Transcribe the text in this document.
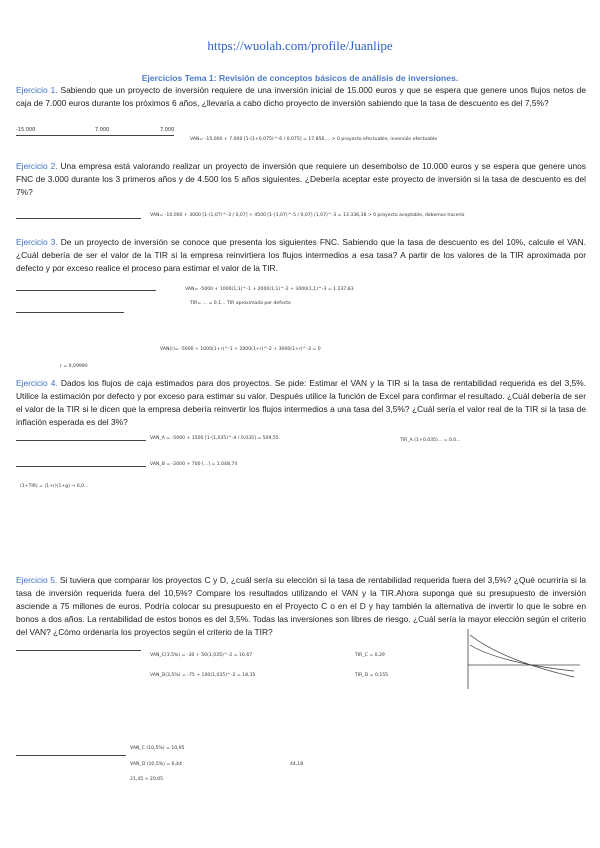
https://wuolah.com/profile/Juanlipe
Ejercicios Tema 1: Revisión de conceptos básicos de análisis de inversiones.
Ejercicio 1. Sabiendo que un proyecto de inversión requiere de una inversión inicial de 15.000 euros y que se espera que genere unos flujos netos de caja de 7.000 euros durante los próximos 6 años, ¿llevaría a cabo dicho proyecto de inversión sabiendo que la tasa de descuento es del 7,5%?
-15.000	7.000	7.000
VAN= -15.000 + 7.000 [1-(1+0,075)^-6 / 0,075] = 17.856,... > 0 proyecto efectuable, inversión efectuable
Ejercicio 2. Una empresa está valorando realizar un proyecto de inversión que requiere un desembolso de 10.000 euros y se espera que genere unos FNC de 3.000 durante los 3 primeros años y de 4.500 los 5 años siguientes. ¿Debería aceptar este proyecto de inversión si la tasa de descuento es del 7%?
VAN= -10.000 + 3000 [1-(1,07)^-3 / 0,07] + 4500 [1-(1,07)^-5 / 0,07] (1,07)^-3 = 13.336,38 > 0 proyecto aceptable, debemos hacerlo
Ejercicio 3. De un proyecto de inversión se conoce que presenta los siguientes FNC. Sabiendo que la tasa de descuento es del 10%, calcule el VAN. ¿Cuál debería de ser el valor de la TIR si la empresa reinvirtiera los flujos intermedios a esa tasa? A partir de los valores de la TIR aproximada por defecto y por exceso realice el proceso para estimar el valor de la TIR.
VAN= -5000 + 1000(1,1)^-1 + 2000(1,1)^-2 + 3000(1,1)^-3 = 1.237,83
TIR= ... = 0,1... TIR aproximada por defecto
VAN(r)= -5000 + 1000(1+r)^-1 + 2000(1+r)^-2 + 3000(1+r)^-3 = 0
r = 0,09990
Ejercicio 4. Dados los flujos de caja estimados para dos proyectos. Se pide: Estimar el VAN y la TIR si la tasa de rentabilidad requerida es del 3,5%. Utilice la estimación por defecto y por exceso para estimar su valor. Después utilice la función de Excel para confirmar el resultado. ¿Cuál debería de ser el valor de la TIR si le dicen que la empresa debería reinvertir los flujos intermedios a una tasa del 3,5%? ¿Cuál sería el valor real de la TIR si la tasa de inflación esperada es del 3%?
VAN_A = -5000 + 1500 [1-(1,035)^-4 / 0,035] = 509,55
VAN_B = -2000 + 700 [...] = 1.048,74
TIR_A (1+0,035)... = 0,0...
(1+TIR) = (1+r)(1+g) → 0,0...
Ejercicio 5. Si tuviera que comparar los proyectos C y D, ¿cuál sería su elección si la tasa de rentabilidad requerida fuera del 3,5%? ¿Qué ocurriría si la tasa de inversión requerida fuera del 10,5%? Compare los resultados utilizando el VAN y la TIR.Ahora suponga que su presupuesto de inversión asciende a 75 millones de euros. Podría colocar su presupuesto en el Proyecto C o en el D y hay también la alternativa de invertir lo que le sobre en bonos a dos años. La rentabilidad de estos bonos es del 3,5%. Todas las inversiones son libres de riesgo. ¿Cuál sería la mayor elección según el criterio del VAN? ¿Cómo ordenaría los proyectos según el criterio de la TIR?
VAN_C(3,5%) = -30 + 50(1,035)^-2 = 16,67
VAN_D(3,5%) = -75 + 100(1,035)^-2 = 18,35
TIR_C = 0,29
TIR_D = 0,155
VAN_C (10,5%) = 10,95
VAN_D (10,5%) = 6,44	44,18
21,45 > 20,05
